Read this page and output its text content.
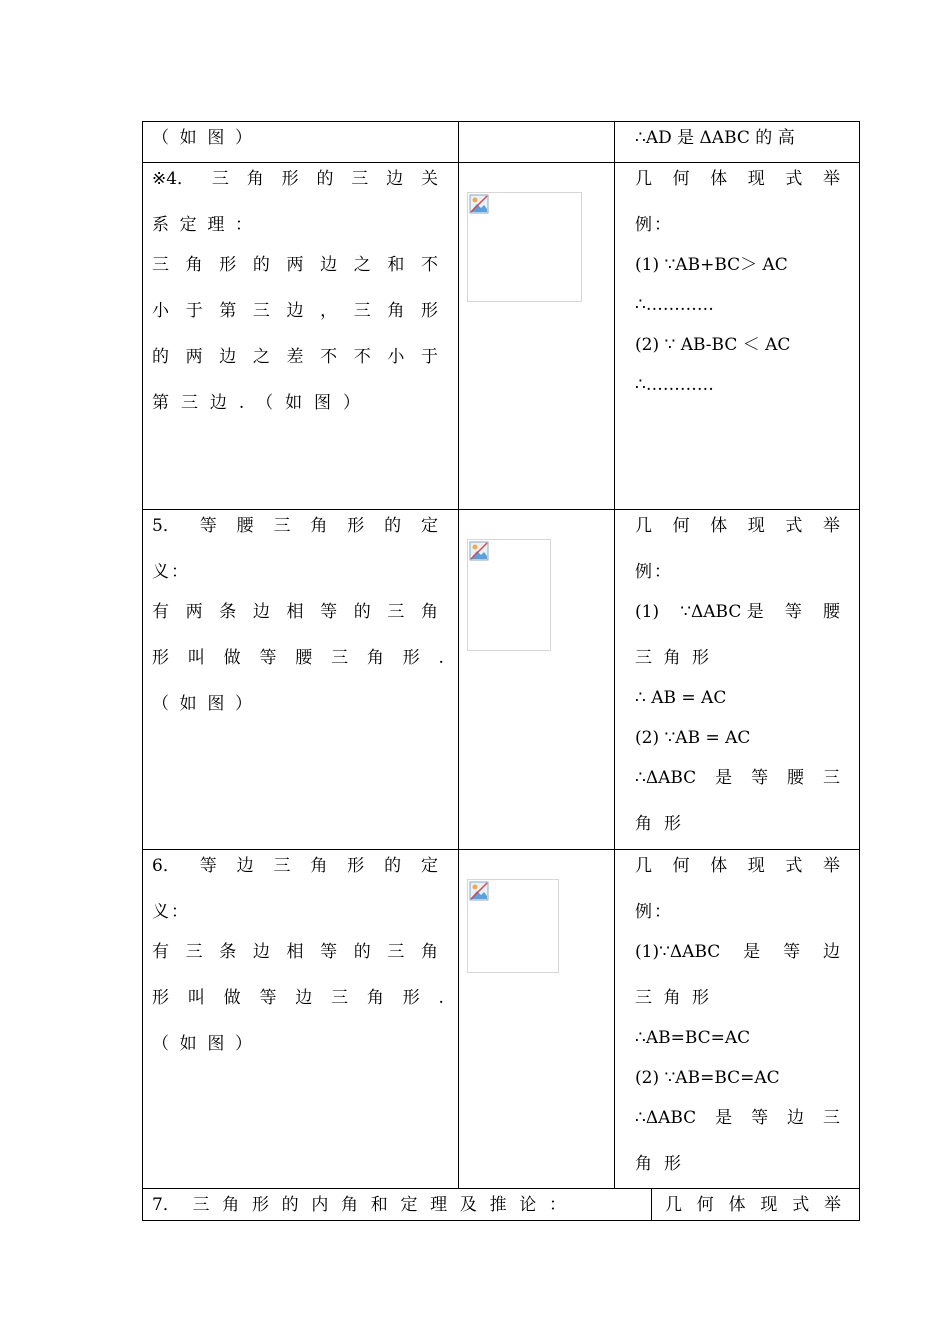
（ 如 图 ）	∴AD 是 ΔABC 的 高
※4． 三 角 形 的 三 边 关
系 定 理 ：
三 角 形 的 两 边 之 和 不
小 于 第 三 边 ， 三 角 形
的 两 边 之 差 不 不 小 于
第 三 边 . （ 如 图 ）
几 何 体 现 式 举
例 ：
(1) ∵AB+BC＞ AC
∴…………
(2) ∵ AB-BC ＜ AC
∴…………
5． 等 腰 三 角 形 的 定
义 ：
有 两 条 边 相 等 的 三 角
形 叫 做 等 腰 三 角 形 .
（ 如 图 ）
几 何 体 现 式 举
例 ：
(1) ∵ΔABC 是 等 腰
三 角 形
∴ AB = AC
(2) ∵AB = AC
∴ΔABC 是 等 腰 三
角 形
6． 等 边 三 角 形 的 定
义 ：
有 三 条 边 相 等 的 三 角
形 叫 做 等 边 三 角 形 .
（ 如 图 ）
几 何 体 现 式 举
例 ：
(1)∵ΔABC 是 等 边
三 角 形
∴AB=BC=AC
(2) ∵AB=BC=AC
∴ΔABC 是 等 边 三
角 形
7． 三 角 形 的 内 角 和 定 理 及 推 论 ：	几 何 体 现 式 举
